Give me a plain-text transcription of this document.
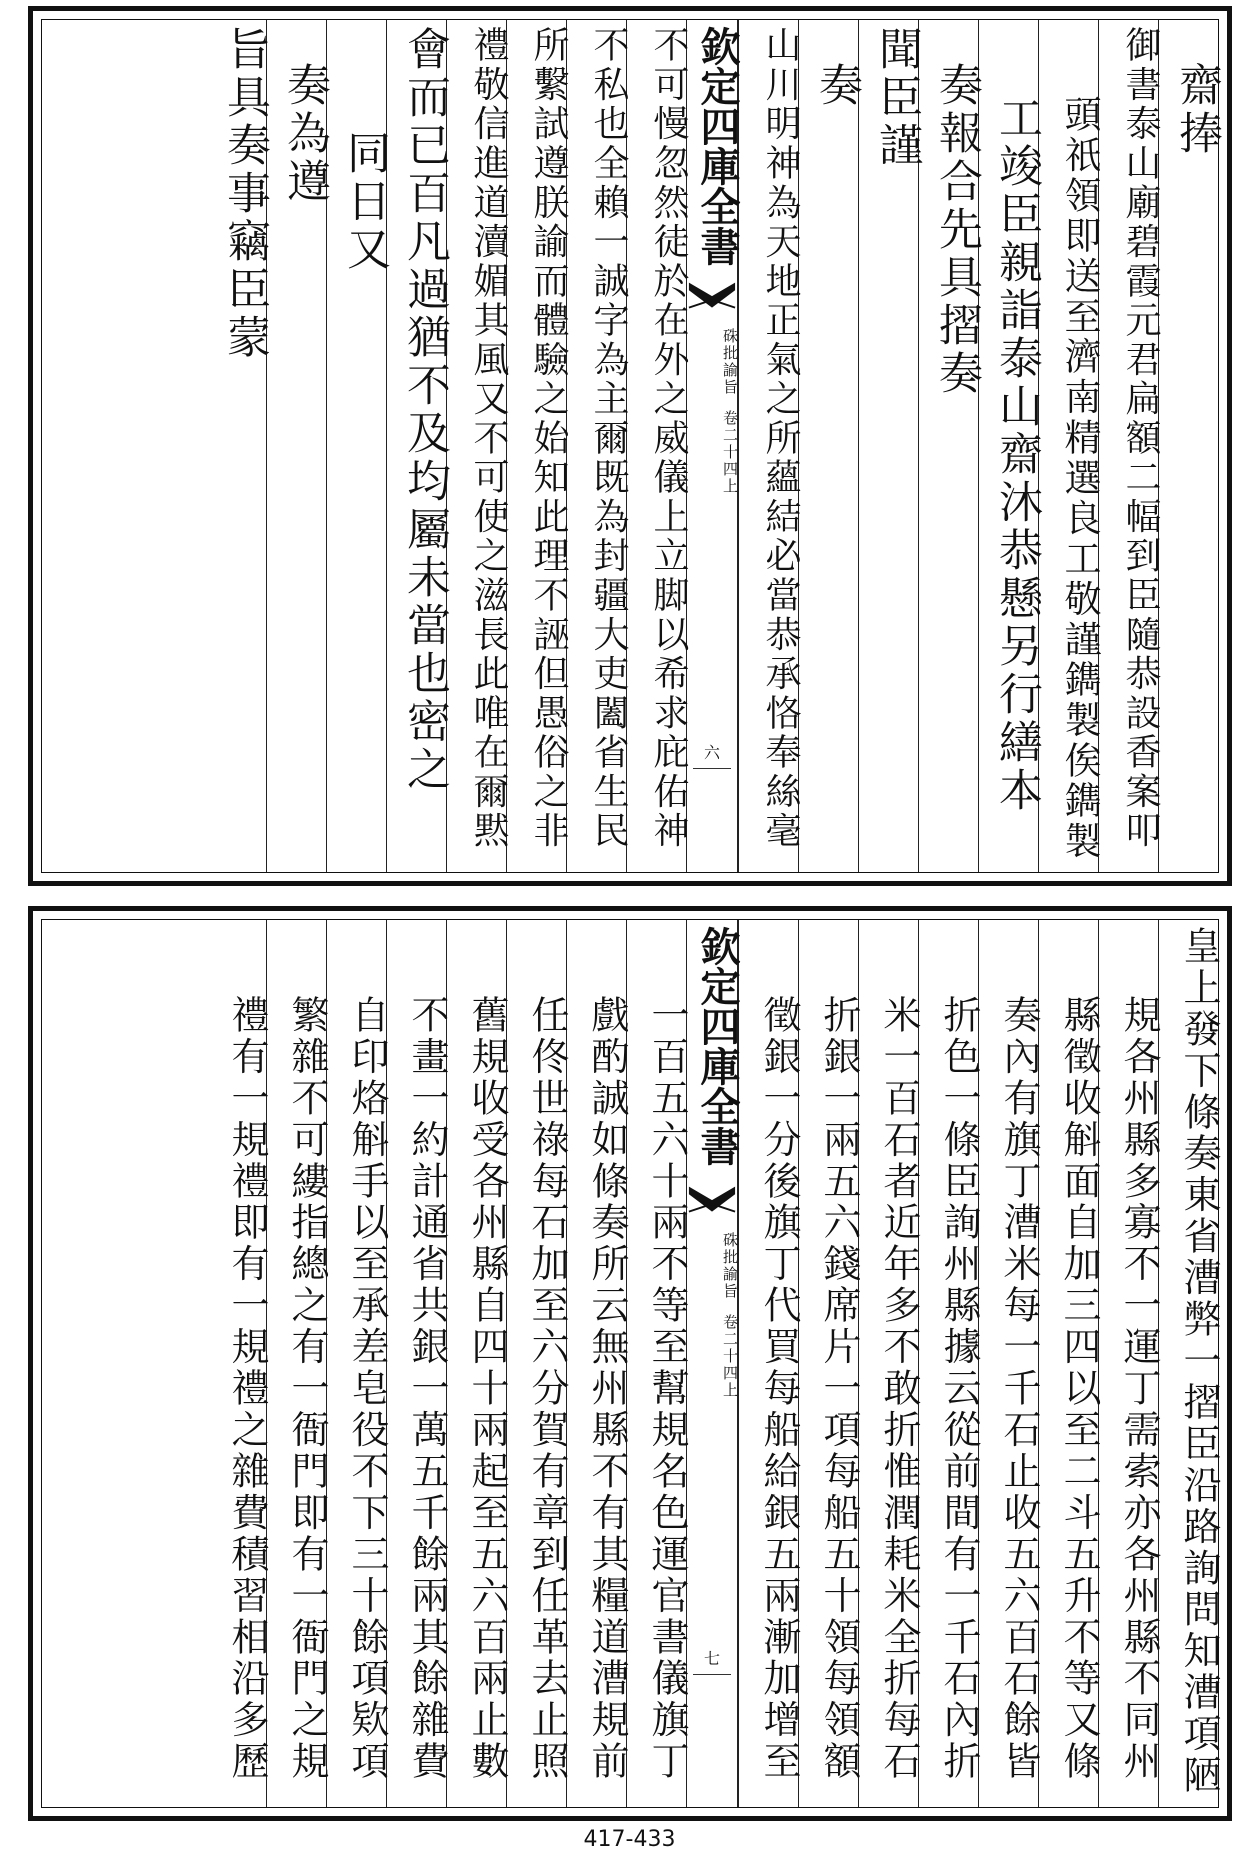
齋捧
御書泰山廟碧霞元君扁額二幅到臣隨恭設香案叩
頭祇領即送至濟南精選良工敬謹鐫製俟鐫製
工竣臣親詣泰山齋沐恭懸另行繕本
奏報合先具摺奏
聞臣謹
奏
山川明神為天地正氣之所蘊結必當恭承恪奉絲毫
欽定四庫全書
硃批諭旨
卷二十四上
六
不可慢忽然徒於在外之威儀上立脚以希求庇佑神
不私也全賴一誠字為主爾既為封疆大吏闔省生民
所繫試遵朕諭而體驗之始知此理不誣但愚俗之非
禮敬信進道瀆媚其風又不可使之滋長此唯在爾黙
會而已百凡過猶不及均屬未當也密之
同日又
奏為遵
旨具奏事竊臣蒙
皇上發下條奏東省漕弊一摺臣沿路詢問知漕項陋
規各州縣多寡不一運丁需索亦各州縣不同州
縣徵收斛面自加三四以至二斗五升不等又條
奏內有旗丁漕米每一千石止收五六百石餘皆
折色一條臣詢州縣據云從前間有一千石內折
米一百石者近年多不敢折惟潤耗米全折每石
折銀一兩五六錢席片一項每船五十領每領額
徵銀一分後旗丁代買每船給銀五兩漸加增至
欽定四庫全書
硃批諭旨
卷二十四上
七
一百五六十兩不等至幫規名色運官書儀旗丁
戲酌誠如條奏所云無州縣不有其糧道漕規前
任佟世祿每石加至六分賀有章到任革去止照
舊規收受各州縣自四十兩起至五六百兩止數
不畫一約計通省共銀一萬五千餘兩其餘雜費
自印烙斛手以至承差皂役不下三十餘項欵項
繁雜不可縷指總之有一衙門即有一衙門之規
禮有一規禮即有一規禮之雜費積習相沿多歷
417-433
